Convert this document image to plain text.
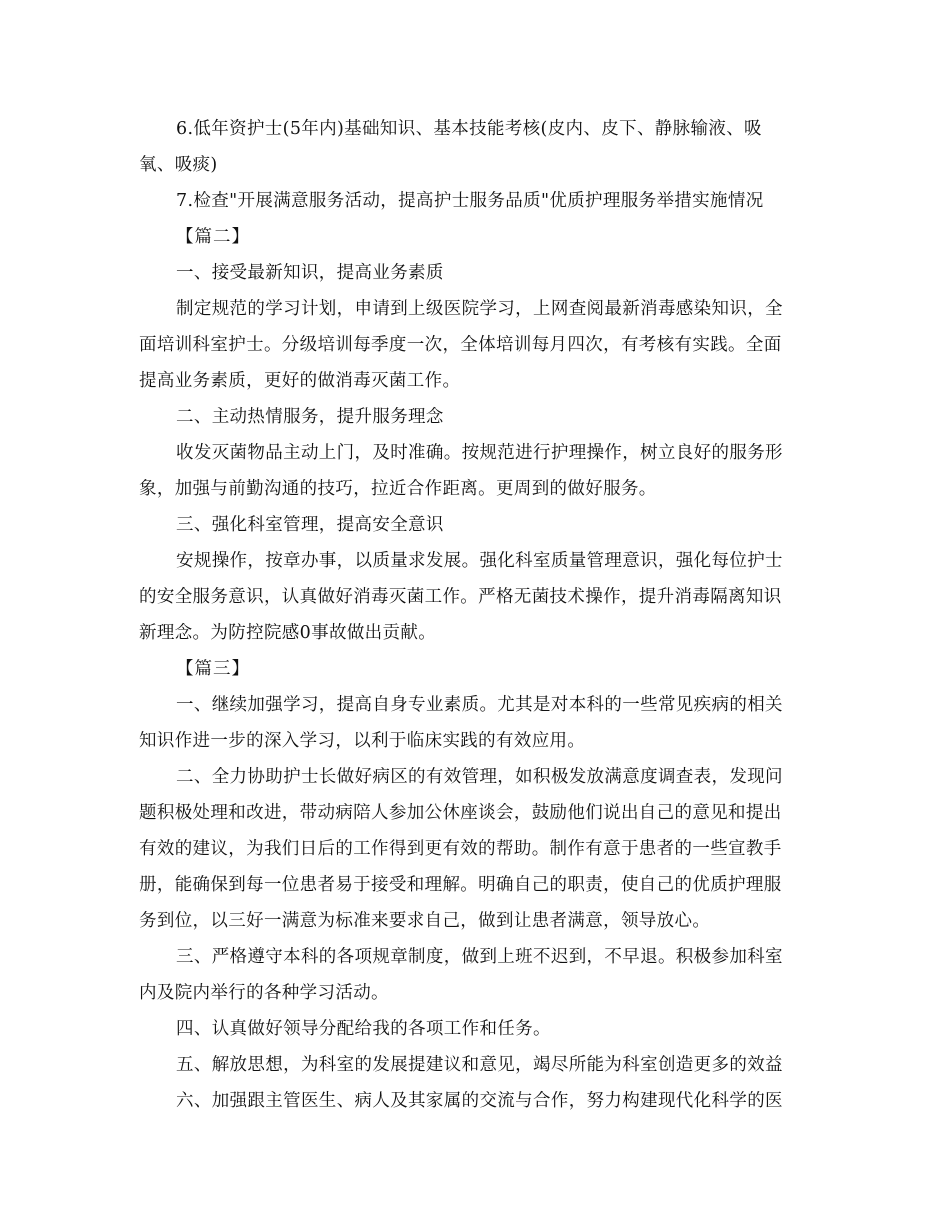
6.低年资护士(5年内)基础知识、基本技能考核(皮内、皮下、静脉输液、吸
氧、吸痰)
7.检查"开展满意服务活动，提高护士服务品质"优质护理服务举措实施情况
【篇二】
一、接受最新知识，提高业务素质
制定规范的学习计划，申请到上级医院学习，上网查阅最新消毒感染知识，全
面培训科室护士。分级培训每季度一次，全体培训每月四次，有考核有实践。全面
提高业务素质，更好的做消毒灭菌工作。
二、主动热情服务，提升服务理念
收发灭菌物品主动上门，及时准确。按规范进行护理操作，树立良好的服务形
象，加强与前勤沟通的技巧，拉近合作距离。更周到的做好服务。
三、强化科室管理，提高安全意识
安规操作，按章办事，以质量求发展。强化科室质量管理意识，强化每位护士
的安全服务意识，认真做好消毒灭菌工作。严格无菌技术操作，提升消毒隔离知识
新理念。为防控院感0事故做出贡献。
【篇三】
一、继续加强学习，提高自身专业素质。尤其是对本科的一些常见疾病的相关
知识作进一步的深入学习，以利于临床实践的有效应用。
二、全力协助护士长做好病区的有效管理，如积极发放满意度调查表，发现问
题积极处理和改进，带动病陪人参加公休座谈会，鼓励他们说出自己的意见和提出
有效的建议，为我们日后的工作得到更有效的帮助。制作有意于患者的一些宣教手
册，能确保到每一位患者易于接受和理解。明确自己的职责，使自己的优质护理服
务到位，以三好一满意为标准来要求自己，做到让患者满意，领导放心。
三、严格遵守本科的各项规章制度，做到上班不迟到，不早退。积极参加科室
内及院内举行的各种学习活动。
四、认真做好领导分配给我的各项工作和任务。
五、解放思想，为科室的发展提建议和意见，竭尽所能为科室创造更多的效益
六、加强跟主管医生、病人及其家属的交流与合作，努力构建现代化科学的医
